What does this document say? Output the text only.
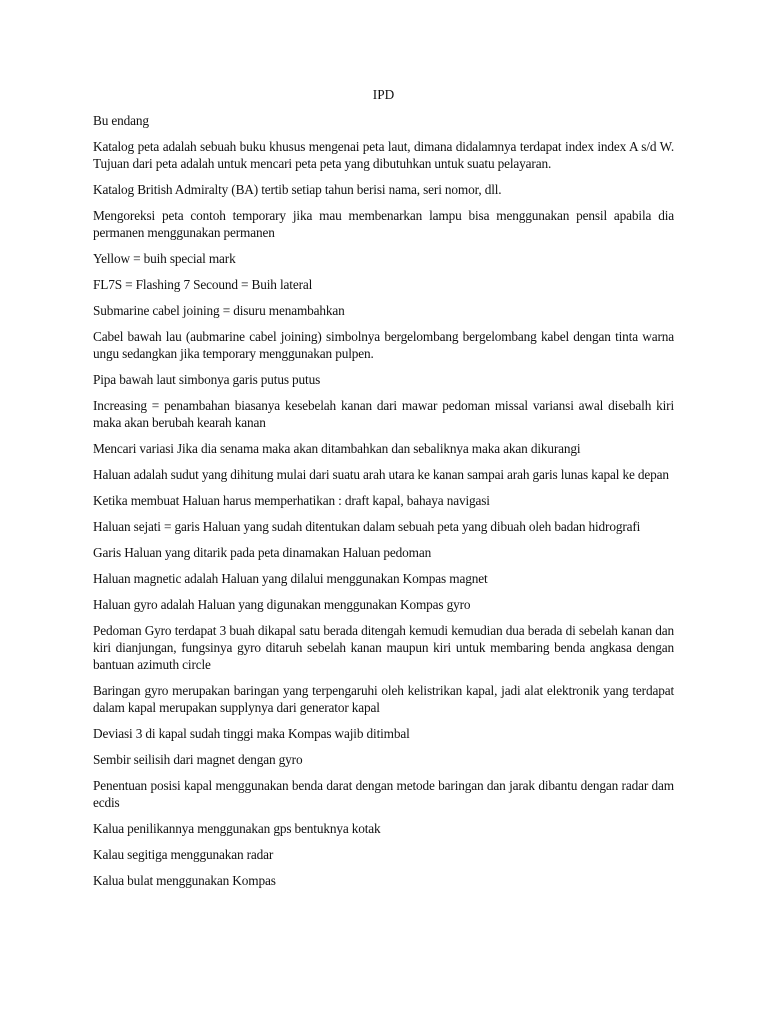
IPD

Bu endang

Katalog peta adalah sebuah buku khusus mengenai peta laut, dimana didalamnya terdapat index index A s/d W. Tujuan dari peta adalah untuk mencari peta peta yang dibutuhkan untuk suatu pelayaran.

Katalog British Admiralty (BA) tertib setiap tahun berisi nama, seri nomor, dll.

Mengoreksi peta contoh temporary jika mau membenarkan lampu bisa menggunakan pensil apabila dia permanen menggunakan permanen

Yellow = buih special mark

FL7S = Flashing 7 Secound = Buih lateral

Submarine cabel joining = disuru menambahkan

Cabel bawah lau (aubmarine cabel joining) simbolnya bergelombang bergelombang kabel dengan tinta warna ungu sedangkan jika temporary menggunakan pulpen.

Pipa bawah laut simbonya garis putus putus

Increasing = penambahan biasanya kesebelah kanan dari mawar pedoman missal variansi awal disebalh kiri maka akan berubah kearah kanan

Mencari variasi Jika dia senama maka akan ditambahkan dan sebaliknya maka akan dikurangi

Haluan adalah sudut yang dihitung mulai dari suatu arah utara ke kanan sampai arah garis lunas kapal ke depan

Ketika membuat Haluan harus memperhatikan : draft kapal, bahaya navigasi

Haluan sejati = garis Haluan yang sudah ditentukan dalam sebuah peta yang dibuah oleh badan hidrografi

Garis Haluan yang ditarik pada peta dinamakan Haluan pedoman

Haluan magnetic adalah Haluan yang dilalui menggunakan Kompas magnet

Haluan gyro adalah Haluan yang digunakan menggunakan Kompas gyro

Pedoman Gyro terdapat 3 buah dikapal satu berada ditengah kemudi kemudian dua berada di sebelah kanan dan kiri dianjungan, fungsinya gyro ditaruh sebelah kanan maupun kiri untuk membaring benda angkasa dengan bantuan azimuth circle

Baringan gyro merupakan baringan yang terpengaruhi oleh kelistrikan kapal, jadi alat elektronik yang terdapat dalam kapal merupakan supplynya dari generator kapal

Deviasi 3 di kapal sudah tinggi maka Kompas wajib ditimbal

Sembir seilisih dari magnet dengan gyro

Penentuan posisi kapal menggunakan benda darat dengan metode baringan dan jarak dibantu dengan radar dam ecdis

Kalua penilikannya menggunakan gps bentuknya kotak

Kalau segitiga menggunakan radar

Kalua bulat menggunakan Kompas
